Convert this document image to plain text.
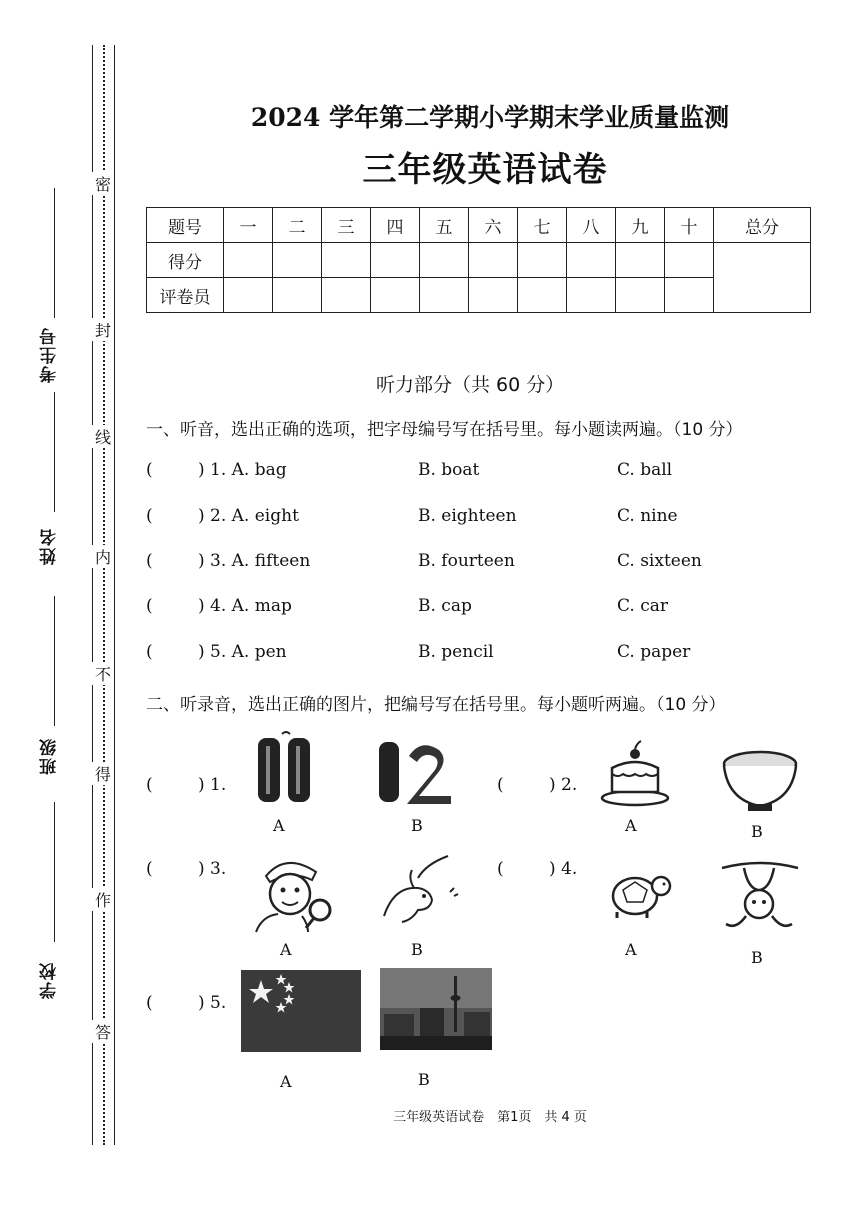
密
封
线
内
不
得
作
答
考生号
姓名
班级
学校
2024 学年第二学期小学期末学业质量监测
三年级英语试卷
题号	一	二	三	四	五	六	七	八	九	十	总分
得分											
评卷员											
听力部分（共 60 分）
一、听音，选出正确的选项，把字母编号写在括号里。每小题读两遍。（10 分）
(	) 1. A. bag	B. boat	C. ball
(	) 2. A. eight	B. eighteen	C. nine
(	) 3. A. fifteen	B. fourteen	C. sixteen
(	) 4. A. map	B. cap	C. car
(	) 5. A. pen	B. pencil	C. paper
二、听录音，选出正确的图片，把编号写在括号里。每小题听两遍。（10 分）
(	) 1.
A	B
(	) 2.
A	B
(	) 3.
A	B
(	) 4.
A	B
(	) 5.
A	B
三年级英语试卷　第1页　共 4 页
